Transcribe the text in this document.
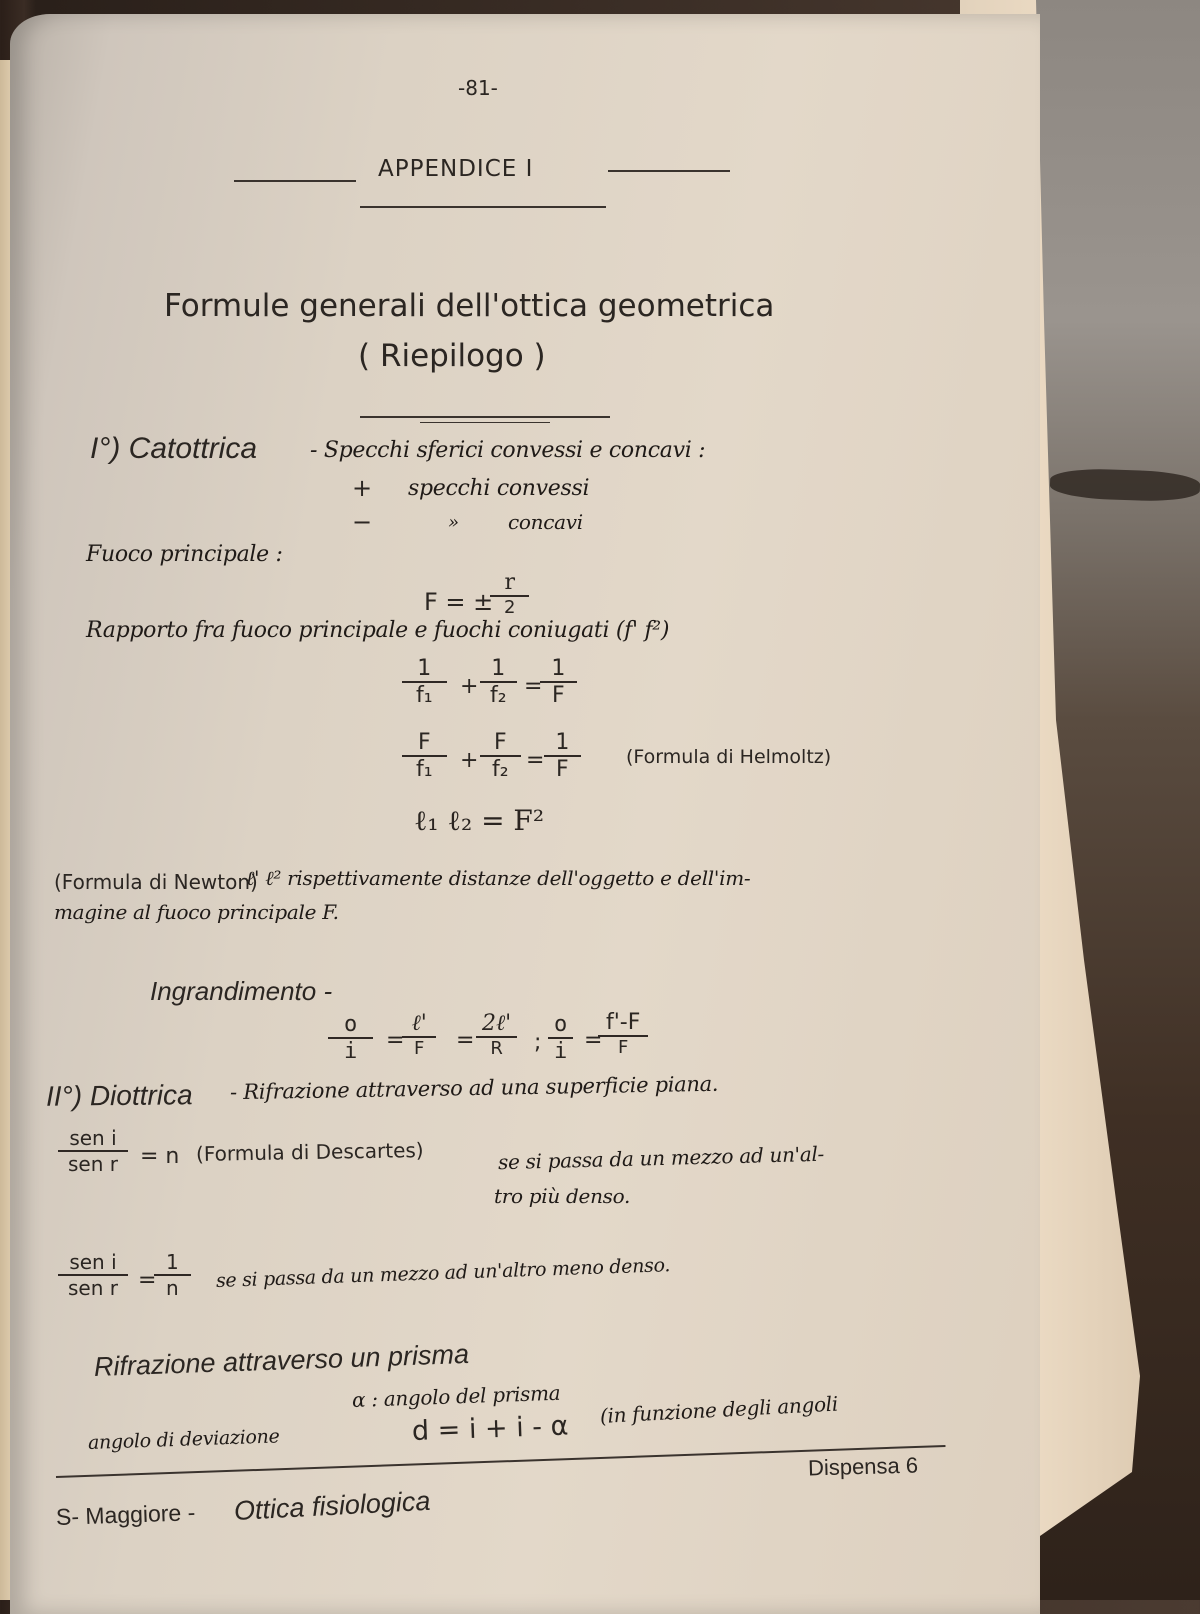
-81-
APPENDICE I
Formule generali dell'ottica geometrica
( Riepilogo )
I°) Catottrica - Specchi sferici convessi e concavi :
+ specchi convessi
−	» concavi
Fuoco principale :
F = ±
r
2
Rapporto fra fuoco principale e fuochi coniugati (f' f²)
$\frac{1}{\text{f₁}} + \frac{1}{\text{f₂}}$ =
$\frac{1}{F}$
$\frac{F}{\text{f₁}} + \frac{F}{\text{f₂}} = \frac{1}{F}$ (Formula di Helmoltz)
ℓ₁ ℓ₂ = F²
(Formula di Newton)
ℓ' ℓ² rispettivamente distanze dell'oggetto e dell'im-
magine al fuoco principale F.
Ingrandimento -
$\frac{o}{i}$ =
ℓ'
F	=
2ℓ'
R	; $\frac{o}{i}$ =
f'-F
F
II°) Diottrica - Rifrazione attraverso ad una superficie piana.
sen i
sen r	= n (Formula di Descartes)	se si passa da un mezzo ad un'al-
tro più denso.
sen i
sen r =
$\frac{1}{n}$ se si passa da un mezzo ad un'altro meno denso.
Rifrazione attraverso un prisma
α : angolo del prisma
angolo di deviazione	d = i + i - α
(in funzione degli angoli
Dispensa 6
S- Maggiore - Ottica fisiologica
